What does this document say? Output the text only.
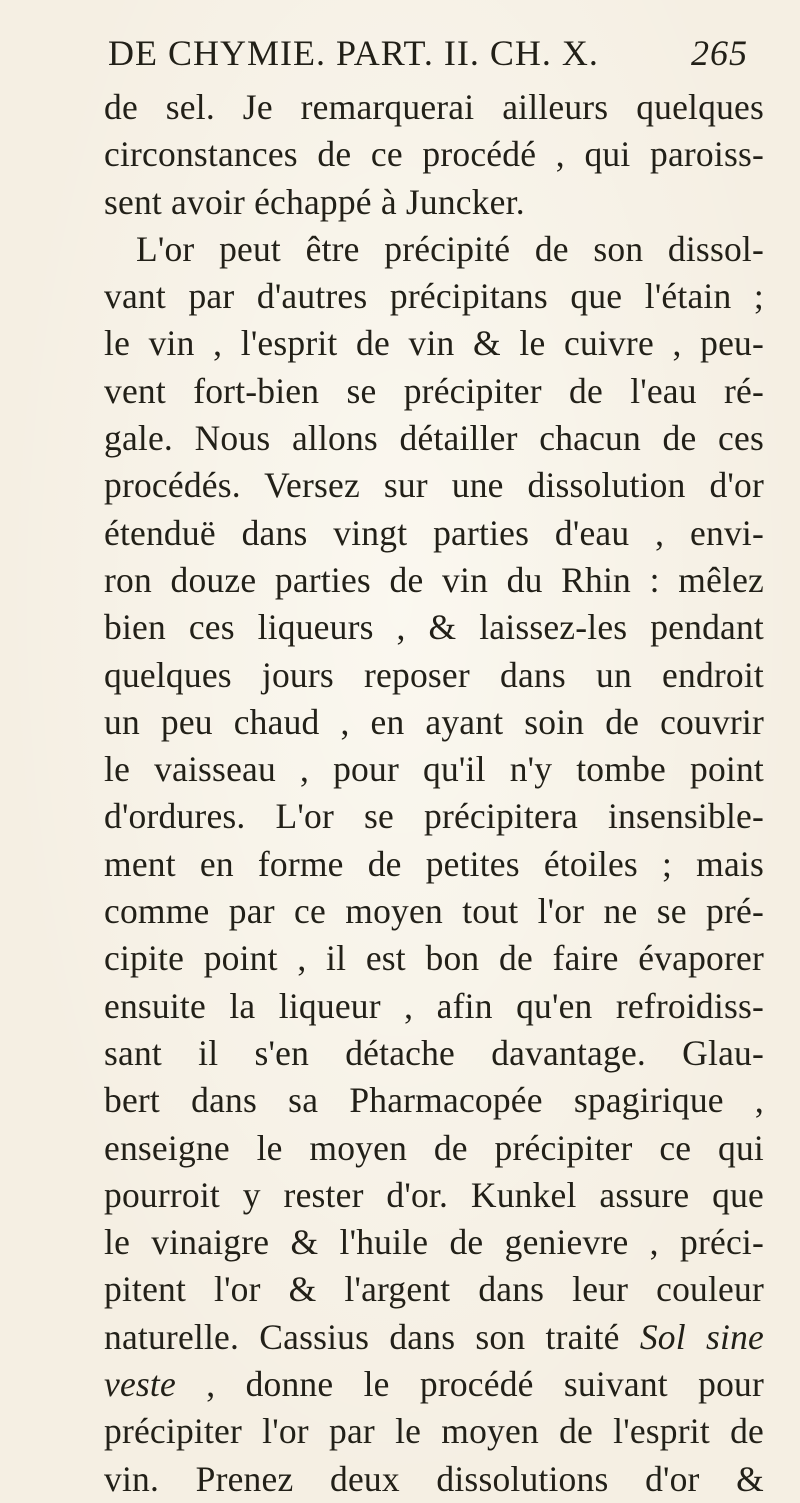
DE CHYMIE. PART. II. CH. X.	265
de sel. Je remarquerai ailleurs quelques
circonstances de ce procédé , qui paroiss-
sent avoir échappé à Juncker.
L'or peut être précipité de son dissol-
vant par d'autres précipitans que l'étain ;
le vin , l'esprit de vin & le cuivre , peu-
vent fort-bien se précipiter de l'eau ré-
gale. Nous allons détailler chacun de ces
procédés. Versez sur une dissolution d'or
étenduë dans vingt parties d'eau , envi-
ron douze parties de vin du Rhin : mêlez
bien ces liqueurs , & laissez-les pendant
quelques jours reposer dans un endroit
un peu chaud , en ayant soin de couvrir
le vaisseau , pour qu'il n'y tombe point
d'ordures. L'or se précipitera insensible-
ment en forme de petites étoiles ; mais
comme par ce moyen tout l'or ne se pré-
cipite point , il est bon de faire évaporer
ensuite la liqueur , afin qu'en refroidiss-
sant il s'en détache davantage. Glau-
bert dans sa Pharmacopée spagirique ,
enseigne le moyen de précipiter ce qui
pourroit y rester d'or. Kunkel assure que
le vinaigre & l'huile de genievre , préci-
pitent l'or & l'argent dans leur couleur
naturelle. Cassius dans son traité Sol sine
veste , donne le procédé suivant pour
précipiter l'or par le moyen de l'esprit de
vin. Prenez deux dissolutions d'or &
